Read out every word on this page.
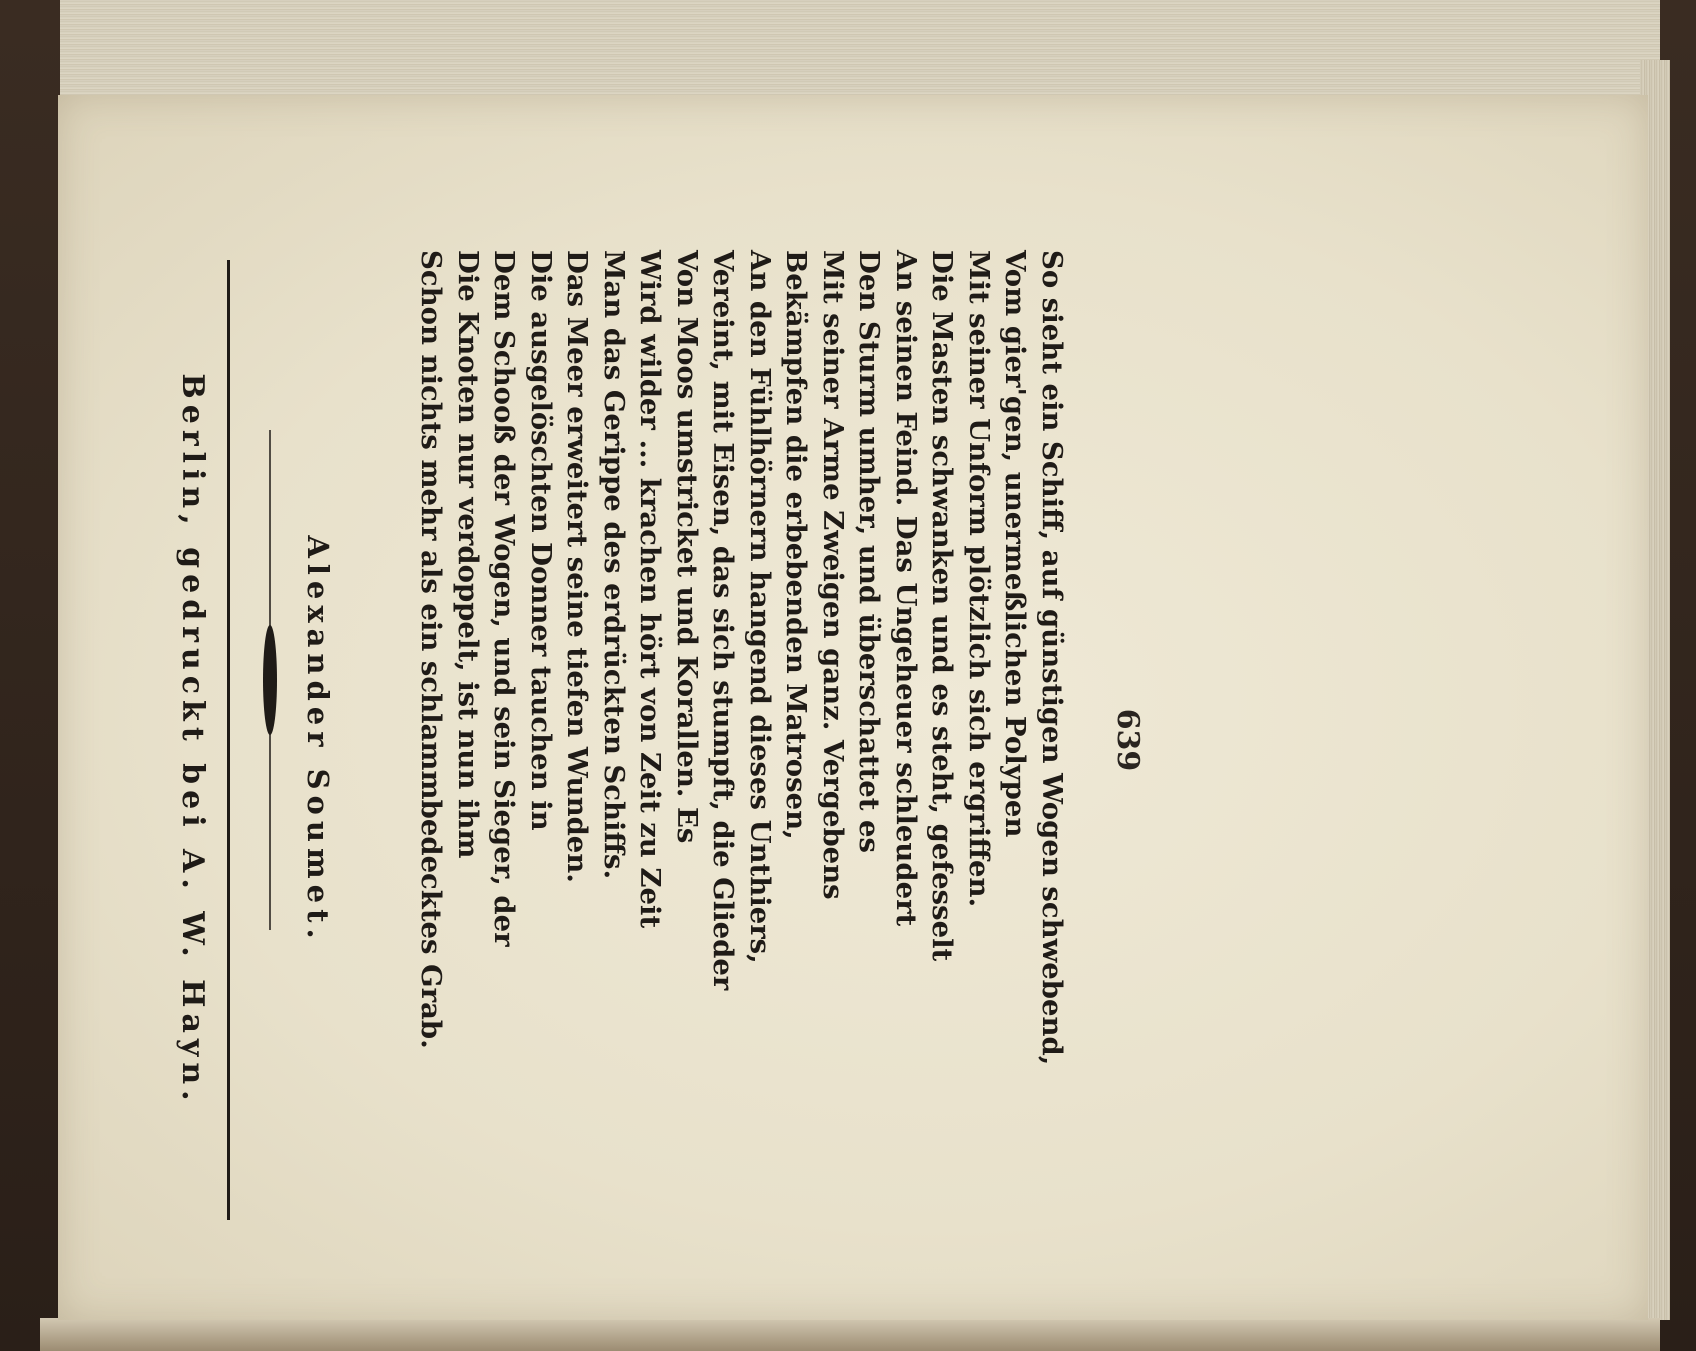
639
So sieht ein Schiff, auf günstigen Wogen schwebend,
Vom gier'gen, unermeßlichen Polypen
Mit seiner Unform plötzlich sich ergriffen.
Die Masten schwanken und es steht, gefesselt
An seinen Feind. Das Ungeheuer schleudert
Den Sturm umher, und überschattet es
Mit seiner Arme Zweigen ganz. Vergebens
Bekämpfen die erbebenden Matrosen,
An den Fühlhörnern hangend dieses Unthiers,
Vereint, mit Eisen, das sich stumpft, die Glieder
Von Moos umstricket und Korallen. Es
Wird wilder ... krachen hört von Zeit zu Zeit
Man das Gerippe des erdrückten Schiffs.
Das Meer erweitert seine tiefen Wunden.
Die ausgelöschten Donner tauchen in
Dem Schooß der Wogen, und sein Sieger, der
Die Knoten nur verdoppelt, ist nun ihm
Schon nichts mehr als ein schlammbedecktes Grab.
Alexander Soumet.
Berlin, gedruckt bei A. W. Hayn.
